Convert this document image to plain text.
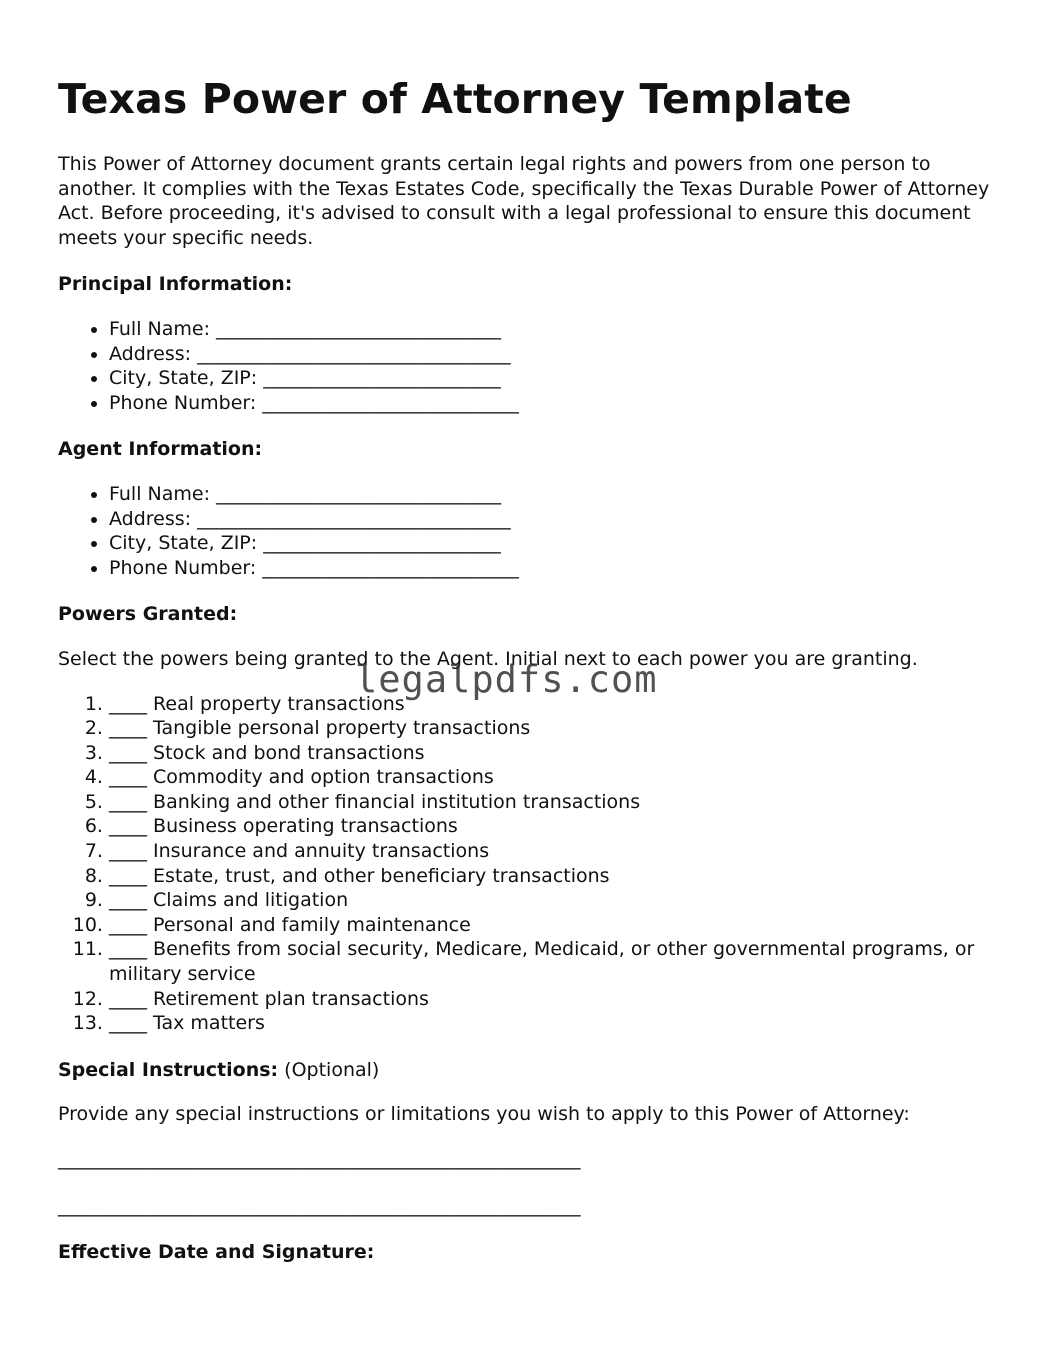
Texas Power of Attorney Template

This Power of Attorney document grants certain legal rights and powers from one person to another. It complies with the Texas Estates Code, specifically the Texas Durable Power of Attorney Act. Before proceeding, it's advised to consult with a legal professional to ensure this document meets your specific needs.

Principal Information:
• Full Name: ______________________________
• Address: _________________________________
• City, State, ZIP: _________________________
• Phone Number: ___________________________
Agent Information:
• Full Name: ______________________________
• Address: _________________________________
• City, State, ZIP: _________________________
• Phone Number: ___________________________
Powers Granted:

Select the powers being granted to the Agent. Initial next to each power you are granting.

1. ____ Real property transactions
2. ____ Tangible personal property transactions
3. ____ Stock and bond transactions
4. ____ Commodity and option transactions
5. ____ Banking and other financial institution transactions
6. ____ Business operating transactions
7. ____ Insurance and annuity transactions
8. ____ Estate, trust, and other beneficiary transactions
9. ____ Claims and litigation
10. ____ Personal and family maintenance
11. ____ Benefits from social security, Medicare, Medicaid, or other governmental programs, or military service
12. ____ Retirement plan transactions
13. ____ Tax matters
Special Instructions: (Optional)

Provide any special instructions or limitations you wish to apply to this Power of Attorney:

_______________________________________________________
_______________________________________________________
Effective Date and Signature:
legalpdfs.com
